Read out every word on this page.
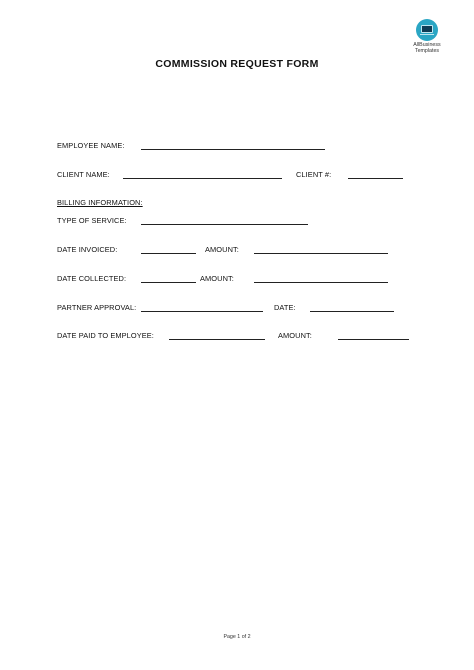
AllBusiness
Templates
COMMISSION REQUEST FORM
EMPLOYEE NAME:
CLIENT NAME:	CLIENT #:
BILLING INFORMATION:
TYPE OF SERVICE:
DATE INVOICED:	AMOUNT:
DATE COLLECTED:	AMOUNT:
PARTNER APPROVAL:	DATE:
DATE PAID TO EMPLOYEE:	AMOUNT:
Page 1 of 2
